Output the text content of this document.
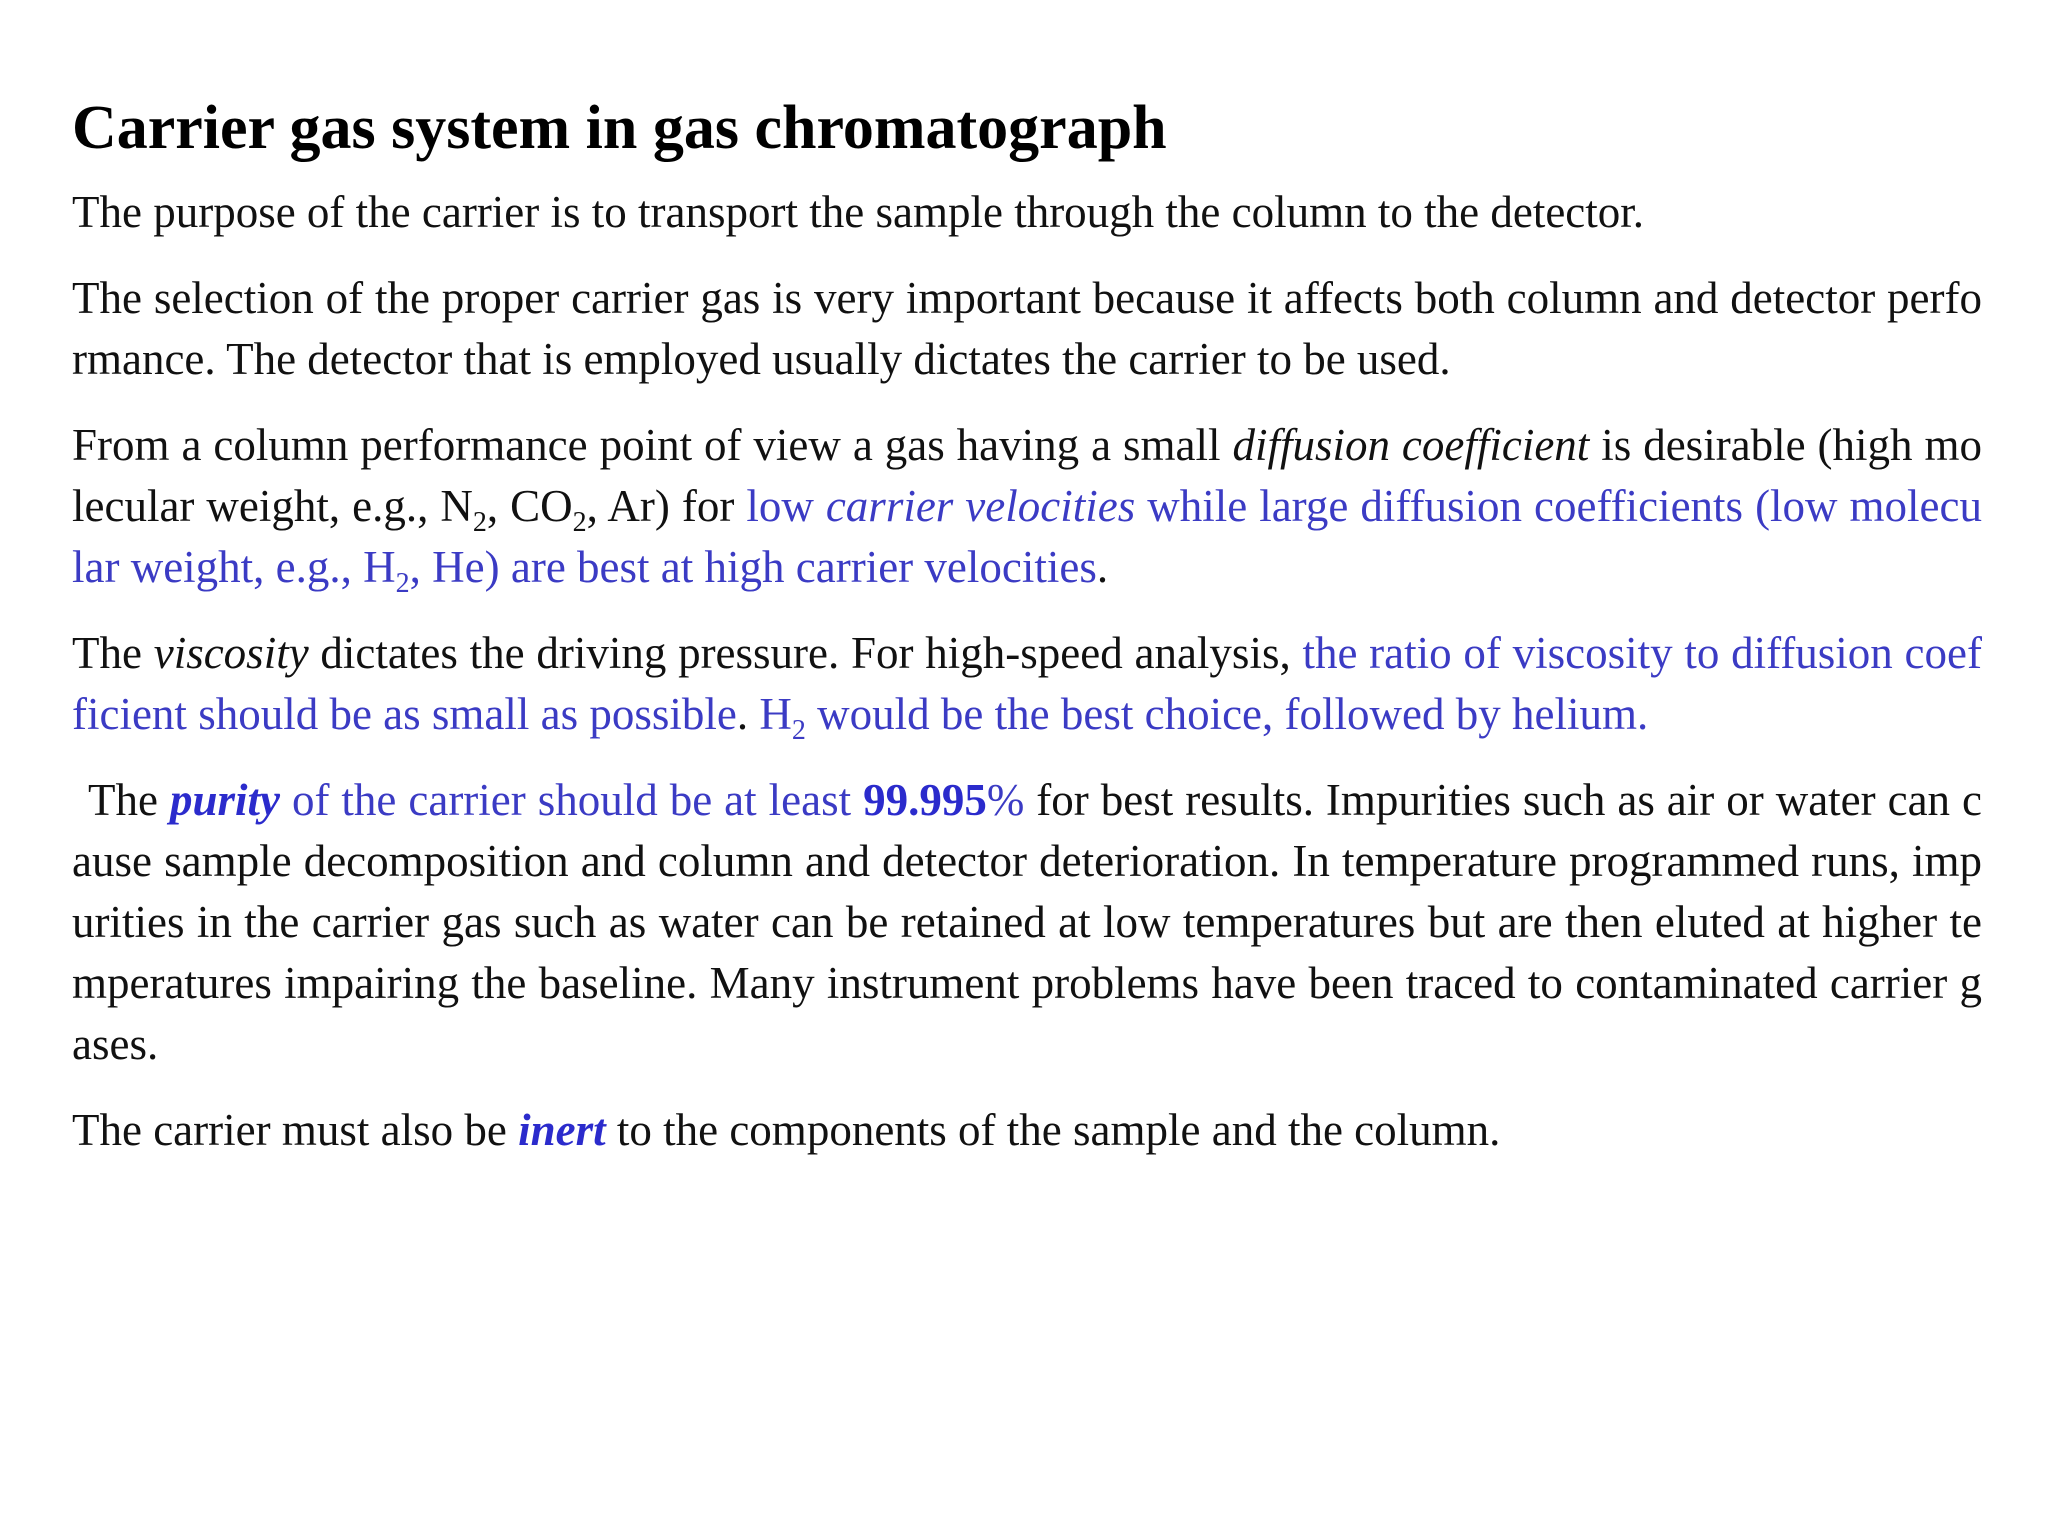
Carrier gas system in gas chromatograph

The purpose of the carrier is to transport the sample through the column to the detector.

The selection of the proper carrier gas is very important because it affects both column and detector performance. The detector that is employed usually dictates the carrier to be used.

From a column performance point of view a gas having a small diffusion coefficient is desirable (high molecular weight, e.g., $N_2$, $CO_2$, Ar) for low carrier velocities while large diffusion coefficients (low molecular weight, e.g., $H_2$, He) are best at high carrier velocities.

The viscosity dictates the driving pressure. For high-speed analysis, the ratio of viscosity to diffusion coefficient should be as small as possible. $H_2$ would be the best choice, followed by helium.

The purity of the carrier should be at least 99.995% for best results. Impurities such as air or water can cause sample decomposition and column and detector deterioration. In temperature programmed runs, impurities in the carrier gas such as water can be retained at low temperatures but are then eluted at higher temperatures impairing the baseline. Many instrument problems have been traced to contaminated carrier gases.

The carrier must also be inert to the components of the sample and the column.
